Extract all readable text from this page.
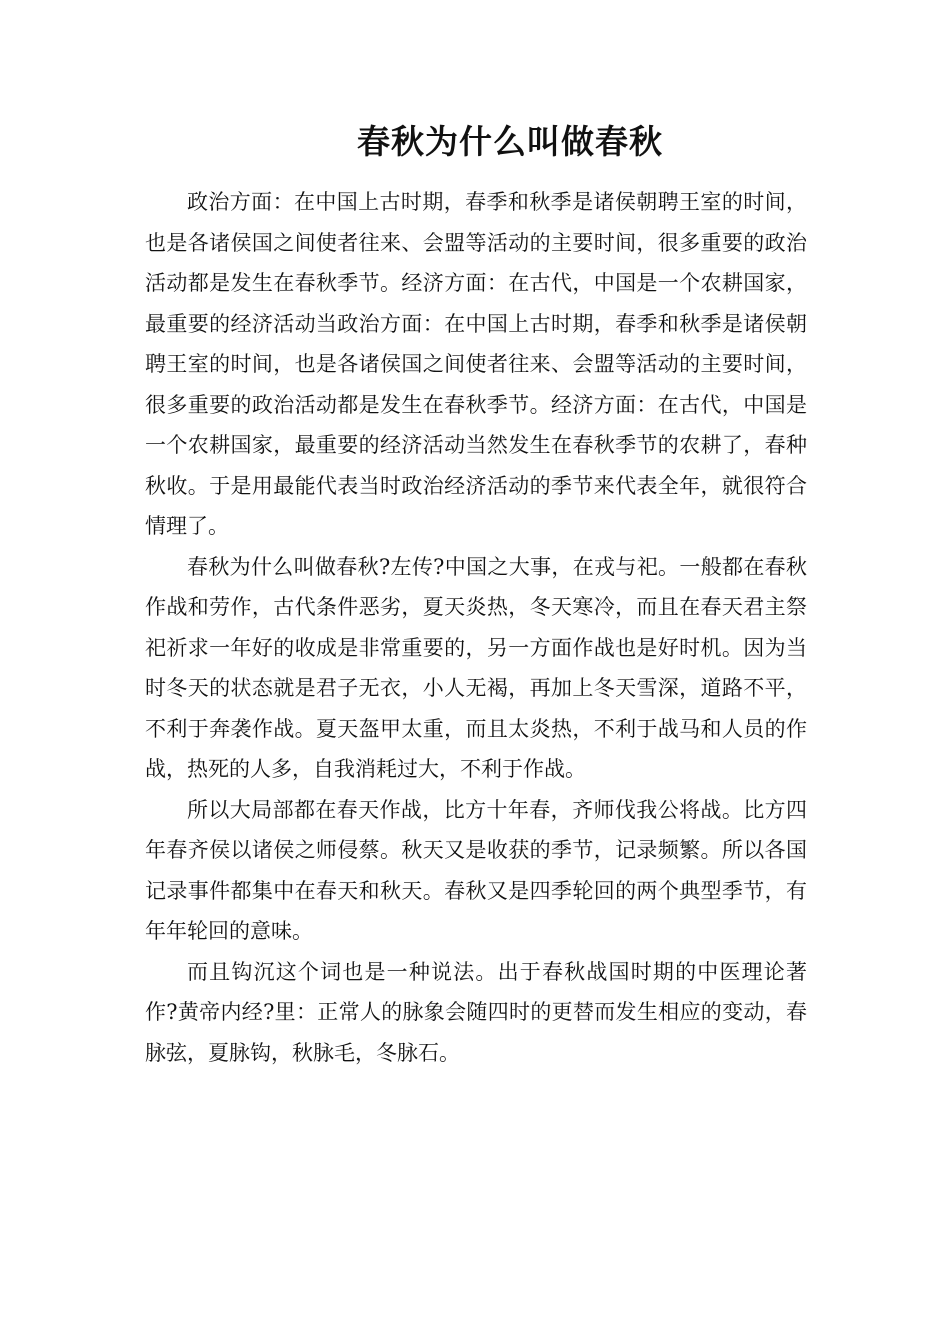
春秋为什么叫做春秋

政治方面：在中国上古时期，春季和秋季是诸侯朝聘王室的时间，也是各诸侯国之间使者往来、会盟等活动的主要时间，很多重要的政治活动都是发生在春秋季节。经济方面：在古代，中国是一个农耕国家，最重要的经济活动当政治方面：在中国上古时期，春季和秋季是诸侯朝聘王室的时间，也是各诸侯国之间使者往来、会盟等活动的主要时间，很多重要的政治活动都是发生在春秋季节。经济方面：在古代，中国是一个农耕国家，最重要的经济活动当然发生在春秋季节的农耕了，春种秋收。于是用最能代表当时政治经济活动的季节来代表全年，就很符合情理了。

春秋为什么叫做春秋?左传?中国之大事，在戎与祀。一般都在春秋作战和劳作，古代条件恶劣，夏天炎热，冬天寒冷，而且在春天君主祭祀祈求一年好的收成是非常重要的，另一方面作战也是好时机。因为当时冬天的状态就是君子无衣，小人无褐，再加上冬天雪深，道路不平，不利于奔袭作战。夏天盔甲太重，而且太炎热，不利于战马和人员的作战，热死的人多，自我消耗过大，不利于作战。

所以大局部都在春天作战，比方十年春，齐师伐我公将战。比方四年春齐侯以诸侯之师侵蔡。秋天又是收获的季节，记录频繁。所以各国记录事件都集中在春天和秋天。春秋又是四季轮回的两个典型季节，有年年轮回的意味。

而且钩沉这个词也是一种说法。出于春秋战国时期的中医理论著作?黄帝内经?里：正常人的脉象会随四时的更替而发生相应的变动，春脉弦，夏脉钩，秋脉毛，冬脉石。
